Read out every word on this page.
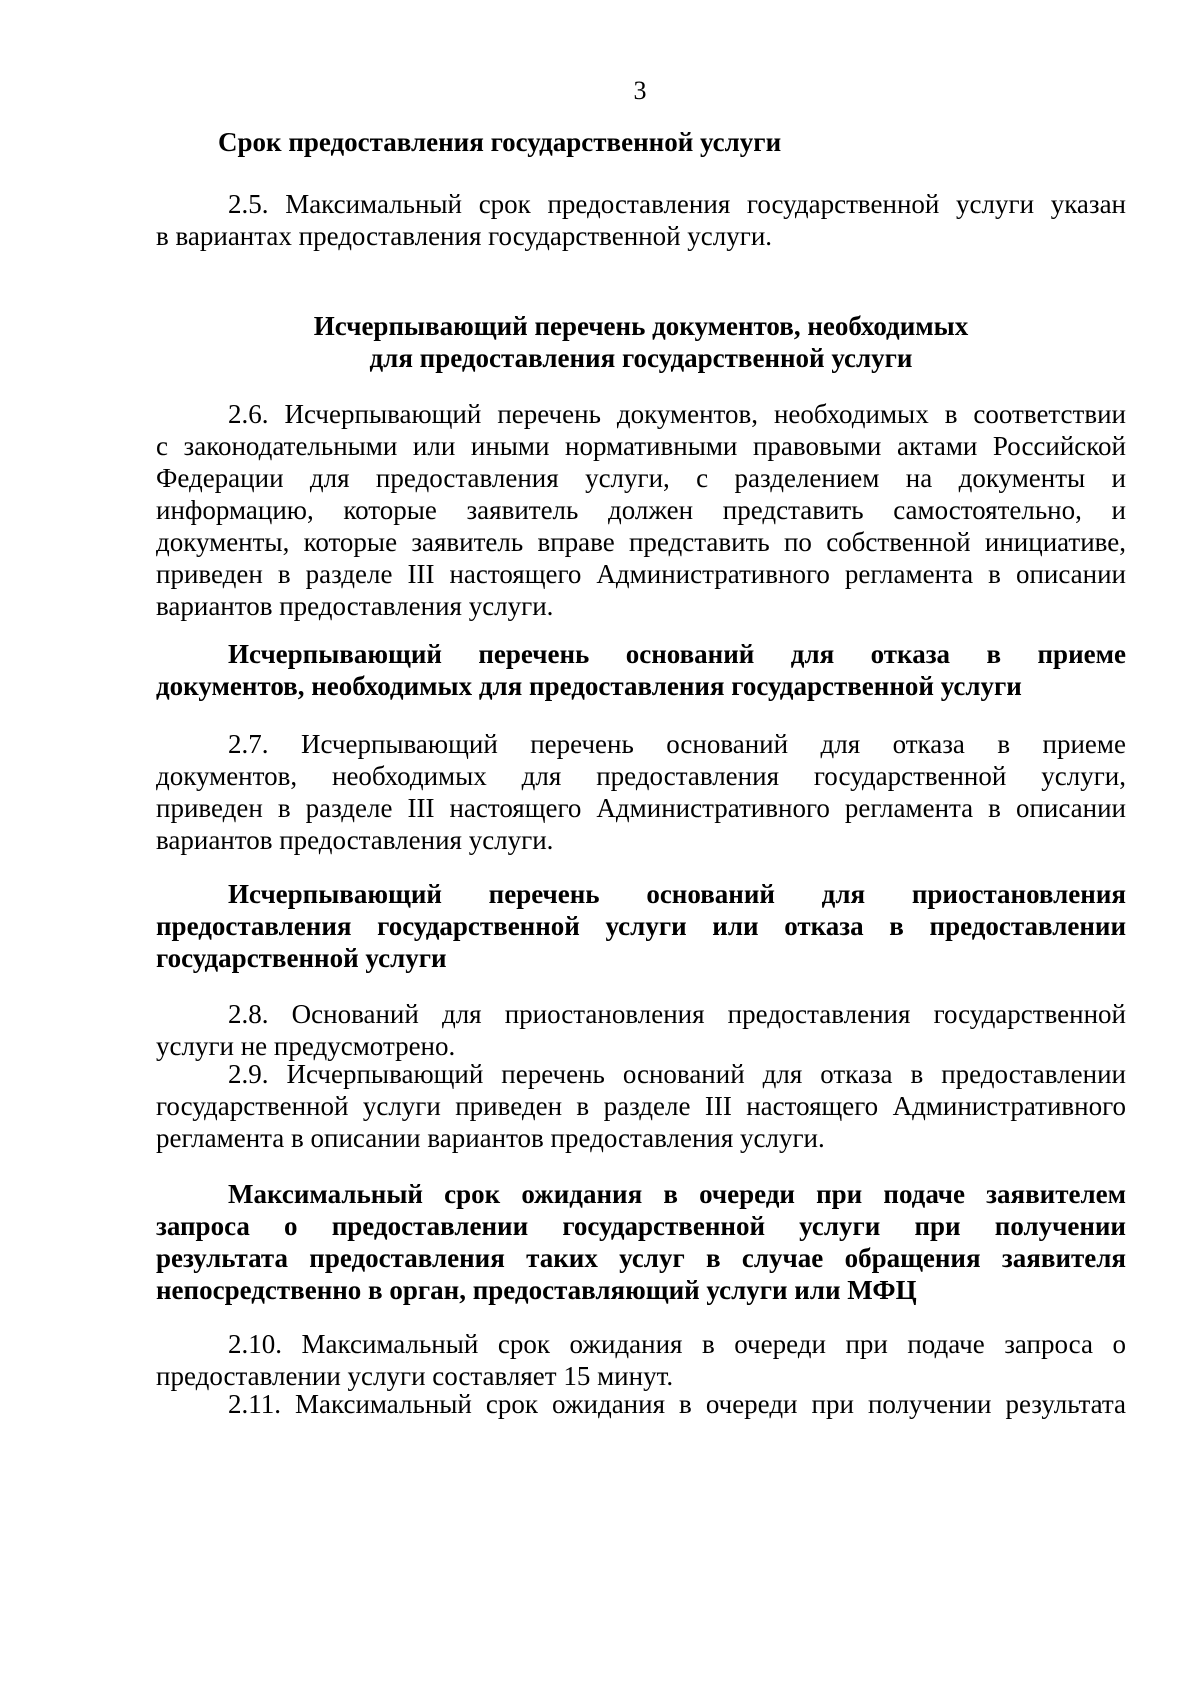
3

Срок предоставления государственной услуги

2.5. Максимальный срок предоставления государственной услуги указан
в вариантах предоставления государственной услуги.
Исчерпывающий перечень документов, необходимых
для предоставления государственной услуги
2.6. Исчерпывающий перечень документов, необходимых в соответствии
с законодательными или иными нормативными правовыми актами Российской
Федерации для предоставления услуги, с разделением на документы и
информацию, которые заявитель должен представить самостоятельно, и
документы, которые заявитель вправе представить по собственной инициативе,
приведен в разделе III настоящего Административного регламента в описании
вариантов предоставления услуги.
Исчерпывающий перечень оснований для отказа в приеме
документов, необходимых для предоставления государственной услуги
2.7. Исчерпывающий перечень оснований для отказа в приеме
документов, необходимых для предоставления государственной услуги,
приведен в разделе III настоящего Административного регламента в описании
вариантов предоставления услуги.
Исчерпывающий перечень оснований для приостановления
предоставления государственной услуги или отказа в предоставлении
государственной услуги
2.8. Оснований для приостановления предоставления государственной
услуги не предусмотрено.
2.9. Исчерпывающий перечень оснований для отказа в предоставлении
государственной услуги приведен в разделе III настоящего Административного
регламента в описании вариантов предоставления услуги.
Максимальный срок ожидания в очереди при подаче заявителем
запроса о предоставлении государственной услуги при получении
результата предоставления таких услуг в случае обращения заявителя
непосредственно в орган, предоставляющий услуги или МФЦ
2.10. Максимальный срок ожидания в очереди при подаче запроса о
предоставлении услуги составляет 15 минут.
2.11. Максимальный срок ожидания в очереди при получении результата
